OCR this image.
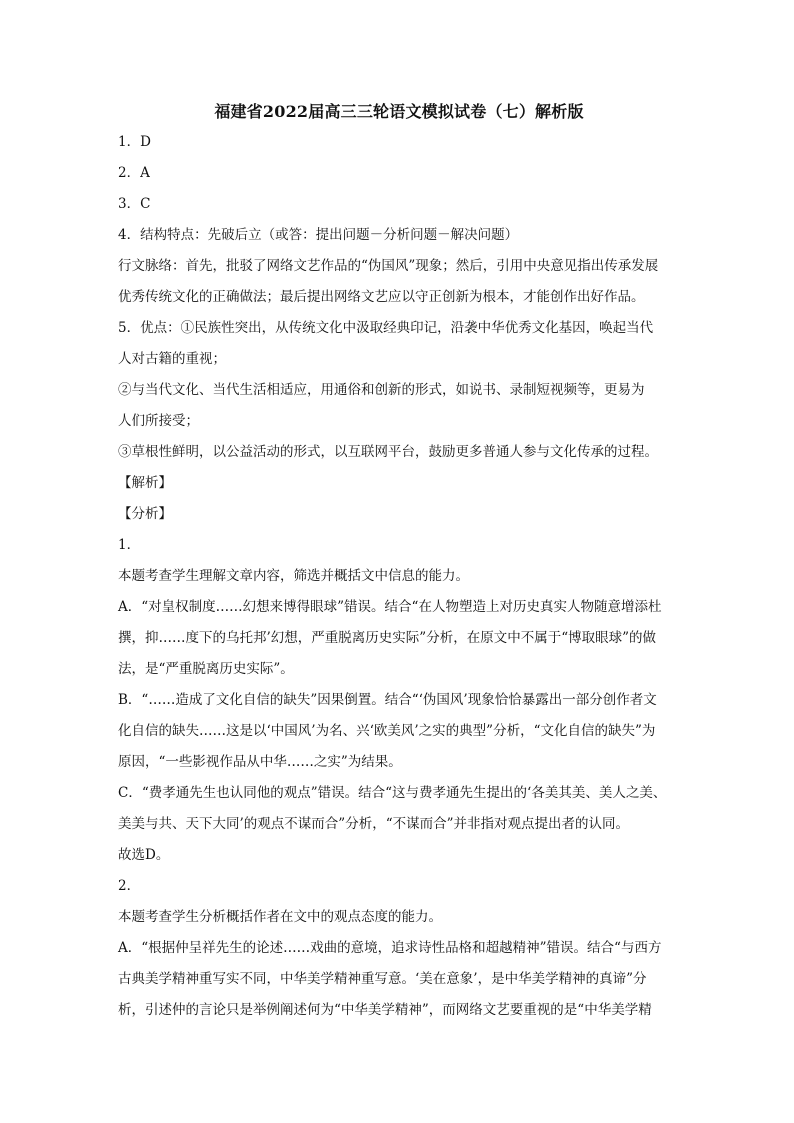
福建省2022届高三三轮语文模拟试卷（七）解析版

1．D

2．A

3．C

4．结构特点：先破后立（或答：提出问题－分析问题－解决问题）

行文脉络：首先，批驳了网络文艺作品的“伪国风”现象；然后，引用中央意见指出传承发展

优秀传统文化的正确做法；最后提出网络文艺应以守正创新为根本，才能创作出好作品。

5．优点：①民族性突出，从传统文化中汲取经典印记，沿袭中华优秀文化基因，唤起当代

人对古籍的重视；

②与当代文化、当代生活相适应，用通俗和创新的形式，如说书、录制短视频等，更易为

人们所接受；

③草根性鲜明，以公益活动的形式，以互联网平台，鼓励更多普通人参与文化传承的过程。

【解析】

【分析】

1．

本题考查学生理解文章内容，筛选并概括文中信息的能力。

A．“对皇权制度……幻想来博得眼球”错误。结合“在人物塑造上对历史真实人物随意增添杜

撰，抑……度下的乌托邦’幻想，严重脱离历史实际”分析，在原文中不属于“博取眼球”的做

法，是“严重脱离历史实际”。

B．“……造成了文化自信的缺失”因果倒置。结合“‘伪国风’现象恰恰暴露出一部分创作者文

化自信的缺失……这是以‘中国风’为名、兴‘欧美风’之实的典型”分析，“文化自信的缺失”为

原因，“一些影视作品从中华……之实”为结果。

C．“费孝通先生也认同他的观点”错误。结合“这与费孝通先生提出的‘各美其美、美人之美、

美美与共、天下大同’的观点不谋而合”分析，“不谋而合”并非指对观点提出者的认同。

故选D。

2．

本题考查学生分析概括作者在文中的观点态度的能力。

A．“根据仲呈祥先生的论述……戏曲的意境，追求诗性品格和超越精神”错误。结合“与西方

古典美学精神重写实不同，中华美学精神重写意。‘美在意象’，是中华美学精神的真谛”分

析，引述仲的言论只是举例阐述何为“中华美学精神”，而网络文艺要重视的是“中华美学精
